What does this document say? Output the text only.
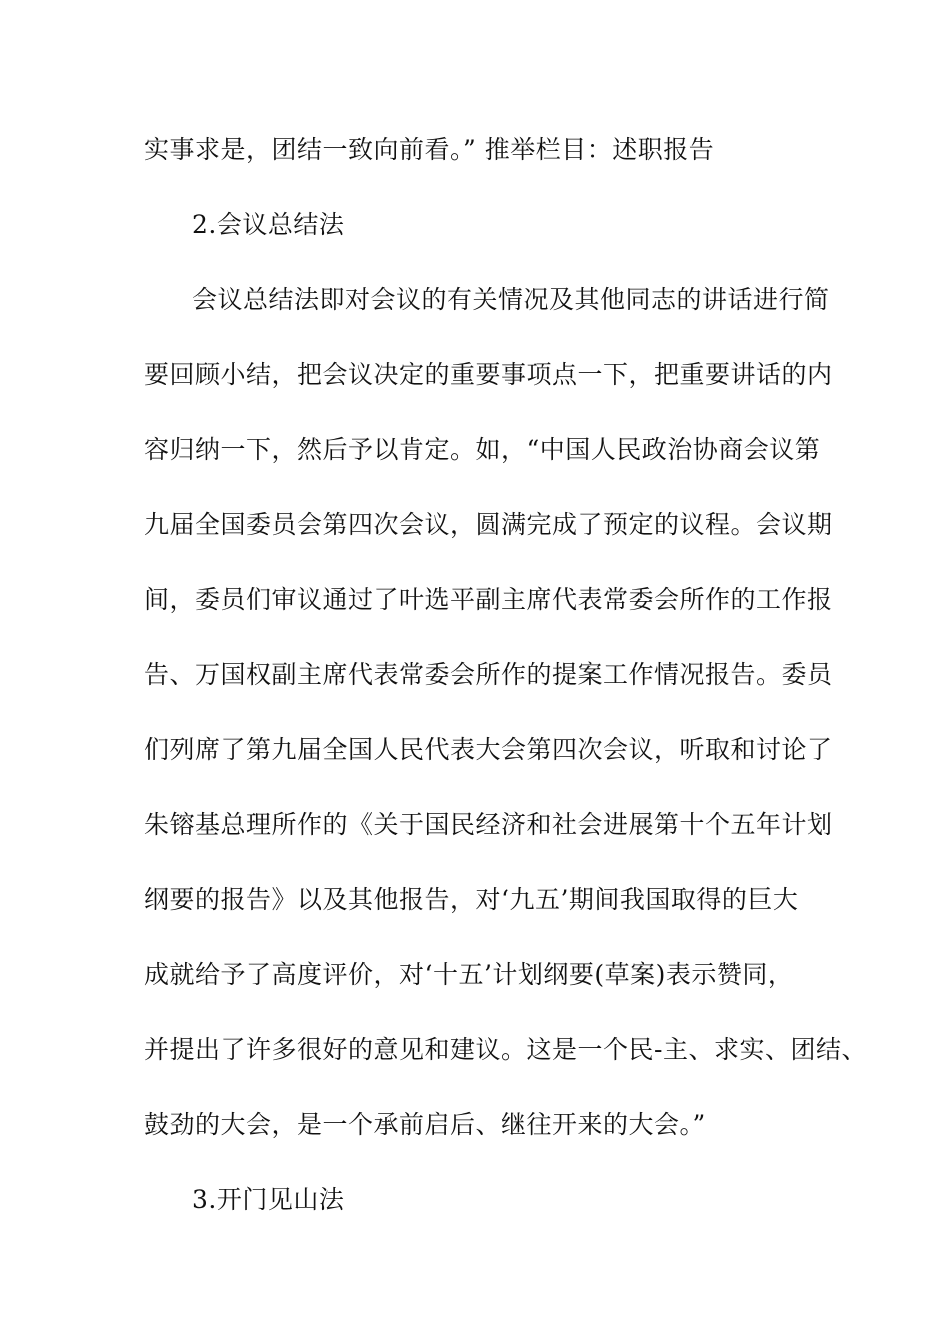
实事求是，团结一致向前看。” 推举栏目：述职报告
2.会议总结法
会议总结法即对会议的有关情况及其他同志的讲话进行简
要回顾小结，把会议决定的重要事项点一下，把重要讲话的内
容归纳一下，然后予以肯定。如，“中国人民政治协商会议第
九届全国委员会第四次会议，圆满完成了预定的议程。会议期
间，委员们审议通过了叶选平副主席代表常委会所作的工作报
告、万国权副主席代表常委会所作的提案工作情况报告。委员
们列席了第九届全国人民代表大会第四次会议，听取和讨论了
朱镕基总理所作的《关于国民经济和社会进展第十个五年计划
纲要的报告》以及其他报告，对‘九五’期间我国取得的巨大
成就给予了高度评价，对‘十五’计划纲要(草案)表示赞同，
并提出了许多很好的意见和建议。这是一个民-主、求实、团结、
鼓劲的大会，是一个承前启后、继往开来的大会。”
3.开门见山法
